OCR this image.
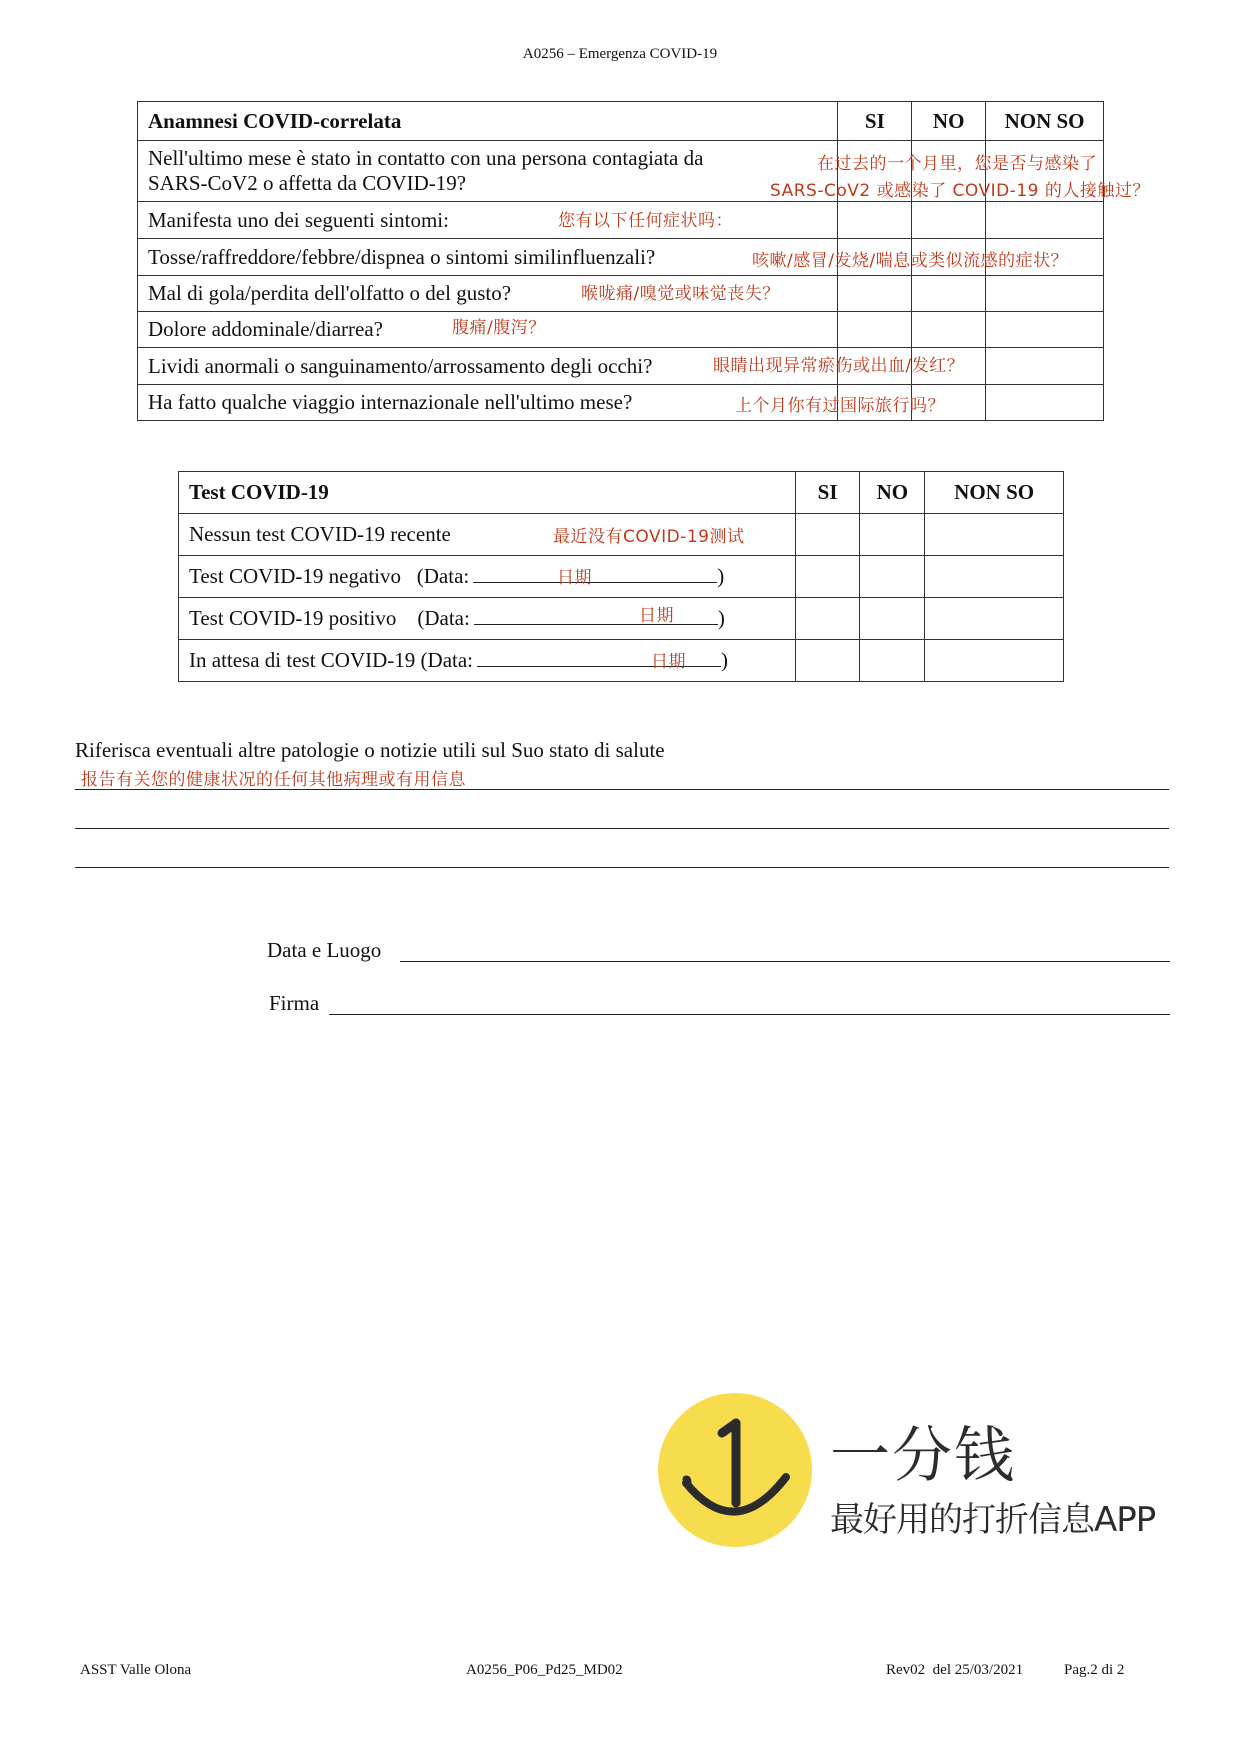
A0256 – Emergenza COVID-19
Anamnesi COVID-correlata	SI	NO	NON SO
Nell'ultimo mese è stato in contatto con una persona contagiata da SARS-CoV2 o affetta da COVID-19?			
Manifesta uno dei seguenti sintomi:			
Tosse/raffreddore/febbre/dispnea o sintomi similinfluenzali?			
Mal di gola/perdita dell'olfatto o del gusto?			
Dolore addominale/diarrea?			
Lividi anormali o sanguinamento/arrossamento degli occhi?			
Ha fatto qualche viaggio internazionale nell'ultimo mese?			
在过去的一个月里，您是否与感染了
SARS-CoV2 或感染了 COVID-19 的人接触过？
您有以下任何症状吗：
咳嗽/感冒/发烧/喘息或类似流感的症状？
喉咙痛/嗅觉或味觉丧失？
腹痛/腹泻？
眼睛出现异常瘀伤或出血/发红？
上个月你有过国际旅行吗？
Test COVID-19	SI	NO	NON SO
Nessun test COVID-19 recente			
Test COVID-19 negativo (Data: )			
Test COVID-19 positivo (Data: )			
In attesa di test COVID-19 (Data: )			
最近没有COVID-19测试
日期
日期
日期
Riferisca eventuali altre patologie o notizie utili sul Suo stato di salute
报告有关您的健康状况的任何其他病理或有用信息
Data e Luogo
Firma
一分钱
最好用的打折信息APP
ASST Valle Olona	A0256_P06_Pd25_MD02	Rev02  del 25/03/2021	Pag.2 di 2
